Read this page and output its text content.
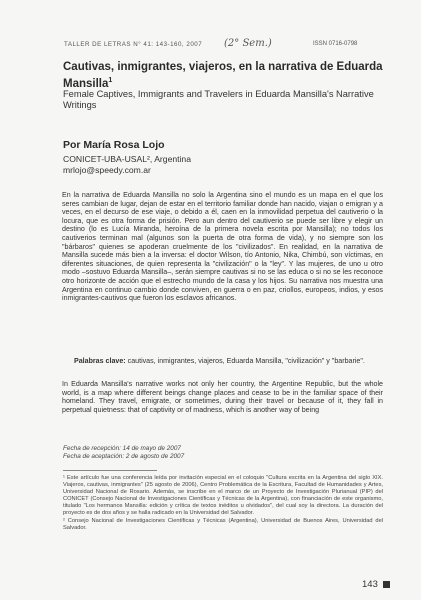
TALLER DE LETRAS N° 41: 143-160, 2007 (2° Sem.)	ISSN 0716-0798
Cautivas, inmigrantes, viajeros, en la narrativa de Eduarda Mansilla$^1$
Female Captives, Immigrants and Travelers in Eduarda Mansilla's Narrative Writings
Por María Rosa Lojo
CONICET-UBA-USAL², Argentina
mrlojo@speedy.com.ar
En la narrativa de Eduarda Mansilla no solo la Argentina sino el mundo es un mapa en el que los seres cambian de lugar, dejan de estar en el territorio familiar donde han nacido, viajan o emigran y a veces, en el decurso de ese viaje, o debido a él, caen en la inmovilidad perpetua del cautiverio o la locura, que es otra forma de prisión. Pero aun dentro del cautiverio se puede ser libre y elegir un destino (lo es Lucía Miranda, heroína de la primera novela escrita por Mansilla); no todos los cautiverios terminan mal (algunos son la puerta de otra forma de vida), y no siempre son los "bárbaros" quienes se apoderan cruelmente de los "civilizados". En realidad, en la narrativa de Mansilla sucede más bien a la inversa: el doctor Wilson, tío Antonio, Nika, Chimbú, son víctimas, en diferentes situaciones, de quien representa la "civilización" o la "ley". Y las mujeres, de uno u otro modo –sostuvo Eduarda Mansilla–, serán siempre cautivas si no se las educa o si no se les reconoce otro horizonte de acción que el estrecho mundo de la casa y los hijos. Su narrativa nos muestra una Argentina en continuo cambio donde conviven, en guerra o en paz, criollos, europeos, indios, y esos inmigrantes-cautivos que fueron los esclavos africanos.
Palabras clave: cautivas, inmigrantes, viajeros, Eduarda Mansilla, "civilización" y "barbarie".
In Eduarda Mansilla's narrative works not only her country, the Argentine Republic, but the whole world, is a map where different beings change places and cease to be in the familiar space of their homeland. They travel, emigrate, or sometimes, during their travel or because of it, they fall in perpetual quietness: that of captivity or of madness, which is another way of being
Fecha de recepción: 14 de mayo de 2007
Fecha de aceptación: 2 de agosto de 2007
¹ Este artículo fue una conferencia leída por invitación especial en el coloquio "Cultura escrita en la Argentina del siglo XIX. Viajeros, cautivas, inmigrantes" (25 agosto de 2006), Centro Problemática de la Escritura, Facultad de Humanidades y Artes, Universidad Nacional de Rosario. Además, se inscribe en el marco de un Proyecto de Investigación Plurianual (PIP) del CONICET (Consejo Nacional de Investigaciones Científicas y Técnicas de la Argentina), con financiación de este organismo, titulado "Los hermanos Mansilla: edición y crítica de textos inéditos u olvidados", del cual soy la directora. La duración del proyecto es de dos años y se halla radicado en la Universidad del Salvador.
² Consejo Nacional de Investigaciones Científicas y Técnicas (Argentina), Universidad de Buenos Aires, Universidad del Salvador.
143
